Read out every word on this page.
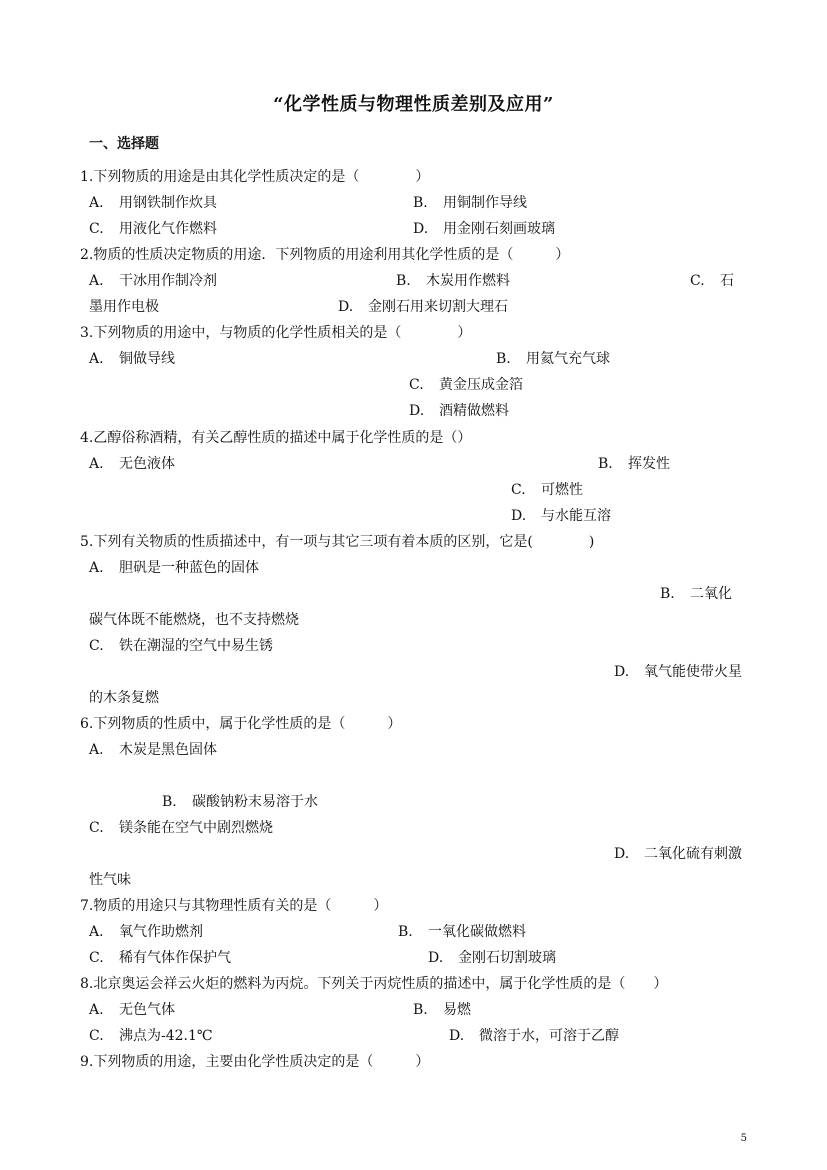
“化学性质与物理性质差别及应用”
一、选择题
1.下列物质的用途是由其化学性质决定的是（　　　　）
A. 用钢铁制作炊具	B. 用铜制作导线
C. 用液化气作燃料	D. 用金刚石刻画玻璃
2.物质的性质决定物质的用途．下列物质的用途利用其化学性质的是（　　　）
A. 干冰用作制冷剂	B. 木炭用作燃料	C. 石
墨用作电极	D. 金刚石用来切割大理石
3.下列物质的用途中，与物质的化学性质相关的是（　　　　）
A. 铜做导线	B. 用氦气充气球
C. 黄金压成金箔
D. 酒精做燃料
4.乙醇俗称酒精，有关乙醇性质的描述中属于化学性质的是（）
A. 无色液体	B. 挥发性
C. 可燃性
D. 与水能互溶
5.下列有关物质的性质描述中，有一项与其它三项有着本质的区别，它是(　　　　)
A. 胆矾是一种蓝色的固体
B. 二氧化
碳气体既不能燃烧，也不支持燃烧
C. 铁在潮湿的空气中易生锈
D. 氧气能使带火星
的木条复燃
6.下列物质的性质中，属于化学性质的是（　　　）
A. 木炭是黑色固体
B. 碳酸钠粉末易溶于水
C. 镁条能在空气中剧烈燃烧
D. 二氧化硫有刺激
性气味
7.物质的用途只与其物理性质有关的是（　　　）
A. 氧气作助燃剂	B. 一氧化碳做燃料
C. 稀有气体作保护气	D. 金刚石切割玻璃
8.北京奥运会祥云火炬的燃料为丙烷。下列关于丙烷性质的描述中，属于化学性质的是（　　）
A. 无色气体	B. 易燃
C. 沸点为-42.1℃	D. 微溶于水，可溶于乙醇
9.下列物质的用途，主要由化学性质决定的是（　　　）
5
